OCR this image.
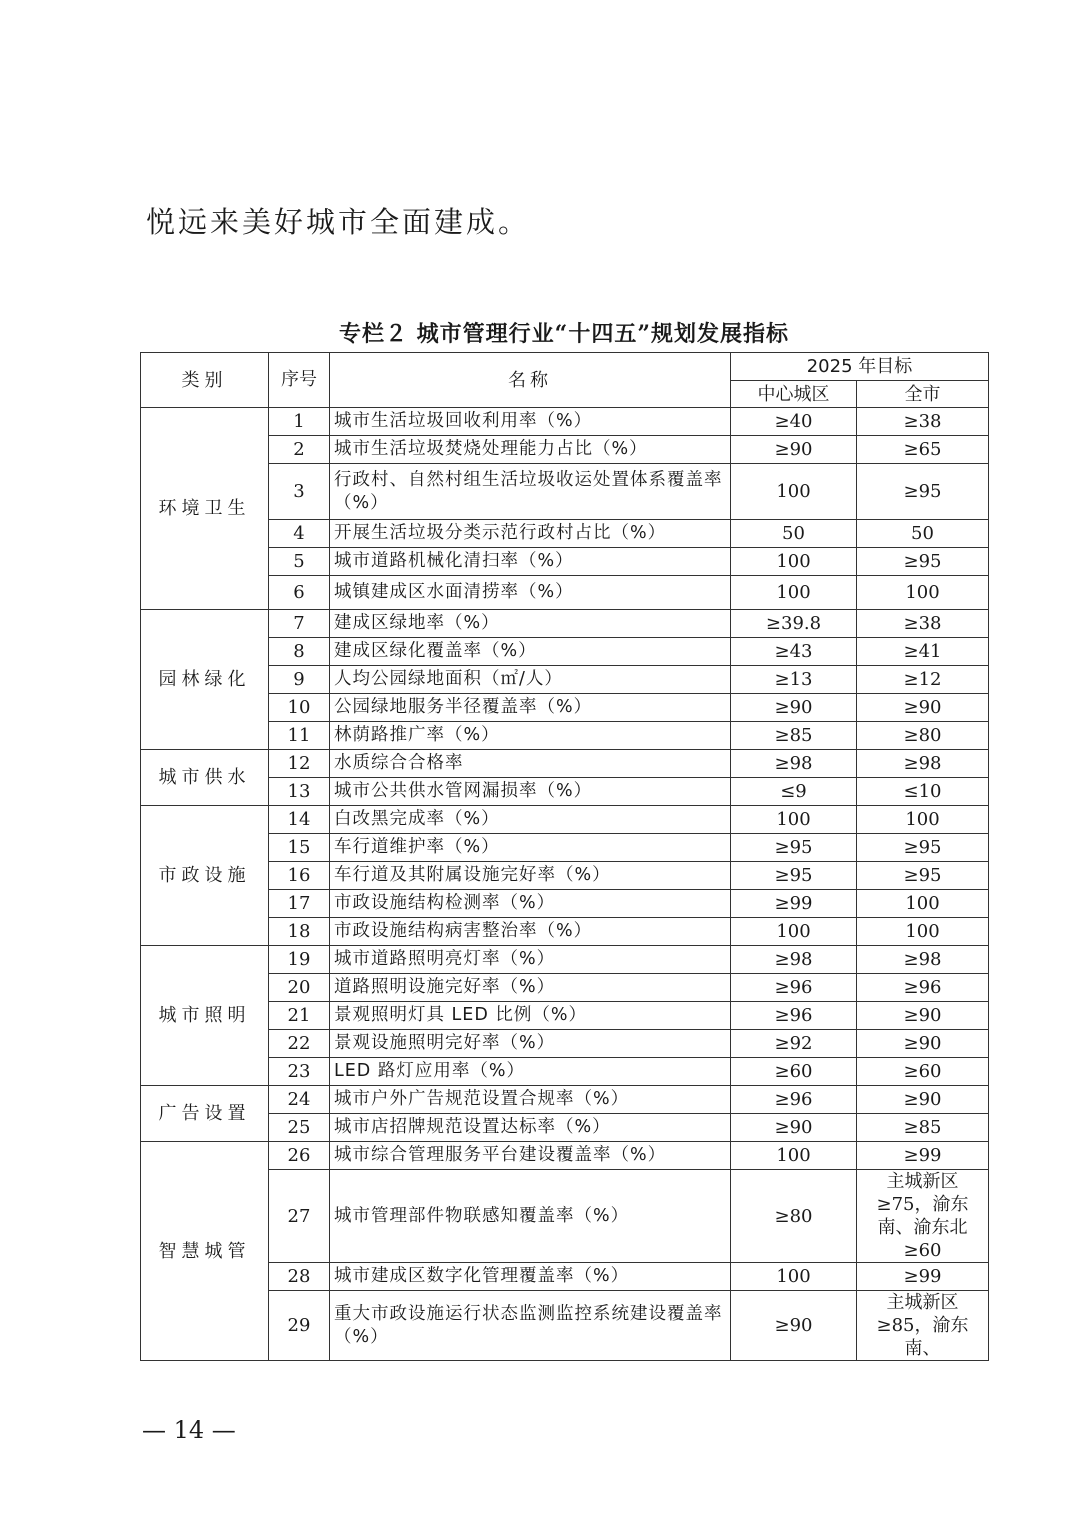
悦远来美好城市全面建成。
专栏２ 城市管理行业“十四五”规划发展指标
类别	序号	名称	2025 年目标	
			中心城区	全市
环境卫生	1	城市生活垃圾回收利用率（%）	≥40	≥38
	2	城市生活垃圾焚烧处理能力占比（%）	≥90	≥65
	3	行政村、自然村组生活垃圾收运处置体系覆盖率（%）	100	≥95
	4	开展生活垃圾分类示范行政村占比（%）	50	50
	5	城市道路机械化清扫率（%）	100	≥95
	6	城镇建成区水面清捞率（%）	100	100
园林绿化	7	建成区绿地率（%）	≥39.8	≥38
	8	建成区绿化覆盖率（%）	≥43	≥41
	9	人均公园绿地面积（㎡/人）	≥13	≥12
	10	公园绿地服务半径覆盖率（%）	≥90	≥90
	11	林荫路推广率（%）	≥85	≥80
城市供水	12	水质综合合格率	≥98	≥98
	13	城市公共供水管网漏损率（%）	≤9	≤10
市政设施	14	白改黑完成率（%）	100	100
	15	车行道维护率（%）	≥95	≥95
	16	车行道及其附属设施完好率（%）	≥95	≥95
	17	市政设施结构检测率（%）	≥99	100
	18	市政设施结构病害整治率（%）	100	100
城市照明	19	城市道路照明亮灯率（%）	≥98	≥98
	20	道路照明设施完好率（%）	≥96	≥96
	21	景观照明灯具 LED 比例（%）	≥96	≥90
	22	景观设施照明完好率（%）	≥92	≥90
	23	LED 路灯应用率（%）	≥60	≥60
广告设置	24	城市户外广告规范设置合规率（%）	≥96	≥90
	25	城市店招牌规范设置达标率（%）	≥90	≥85
智慧城管	26	城市综合管理服务平台建设覆盖率（%）	100	≥99
	27	城市管理部件物联感知覆盖率（%）	≥80	主城新区≥75，渝东南、渝东北≥60
	28	城市建成区数字化管理覆盖率（%）	100	≥99
	29	重大市政设施运行状态监测监控系统建设覆盖率（%）	≥90	主城新区≥85，渝东南、
— 14 —
